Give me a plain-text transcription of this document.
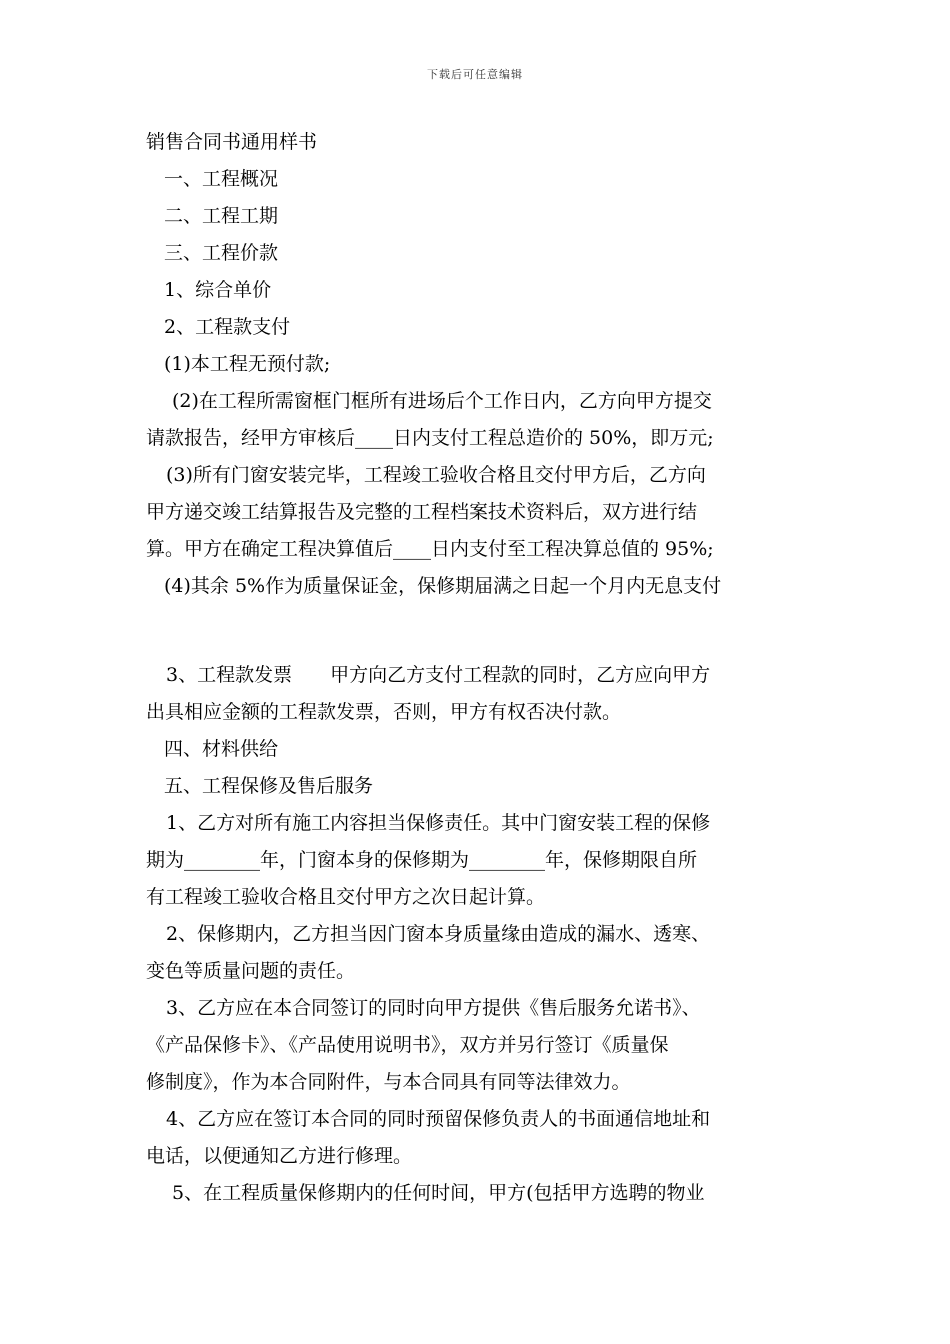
下载后可任意编辑
销售合同书通用样书
一、工程概况
二、工程工期
三、工程价款
1、综合单价
2、工程款支付
(1)本工程无预付款;
(2)在工程所需窗框门框所有进场后个工作日内，乙方向甲方提交
请款报告，经甲方审核后____日内支付工程总造价的 50%，即万元;
(3)所有门窗安装完毕，工程竣工验收合格且交付甲方后，乙方向
甲方递交竣工结算报告及完整的工程档案技术资料后，双方进行结
算。甲方在确定工程决算值后____日内支付至工程决算总值的 95%;
(4)其余 5%作为质量保证金，保修期届满之日起一个月内无息支付
3、工程款发票　　甲方向乙方支付工程款的同时，乙方应向甲方
出具相应金额的工程款发票，否则，甲方有权否决付款。
四、材料供给
五、工程保修及售后服务
1、乙方对所有施工内容担当保修责任。其中门窗安装工程的保修
期为________年，门窗本身的保修期为________年，保修期限自所
有工程竣工验收合格且交付甲方之次日起计算。
2、保修期内，乙方担当因门窗本身质量缘由造成的漏水、透寒、
变色等质量问题的责任。
3、乙方应在本合同签订的同时向甲方提供《售后服务允诺书》、
《产品保修卡》、《产品使用说明书》，双方并另行签订《质量保
修制度》，作为本合同附件，与本合同具有同等法律效力。
4、乙方应在签订本合同的同时预留保修负责人的书面通信地址和
电话，以便通知乙方进行修理。
5、在工程质量保修期内的任何时间，甲方(包括甲方选聘的物业
